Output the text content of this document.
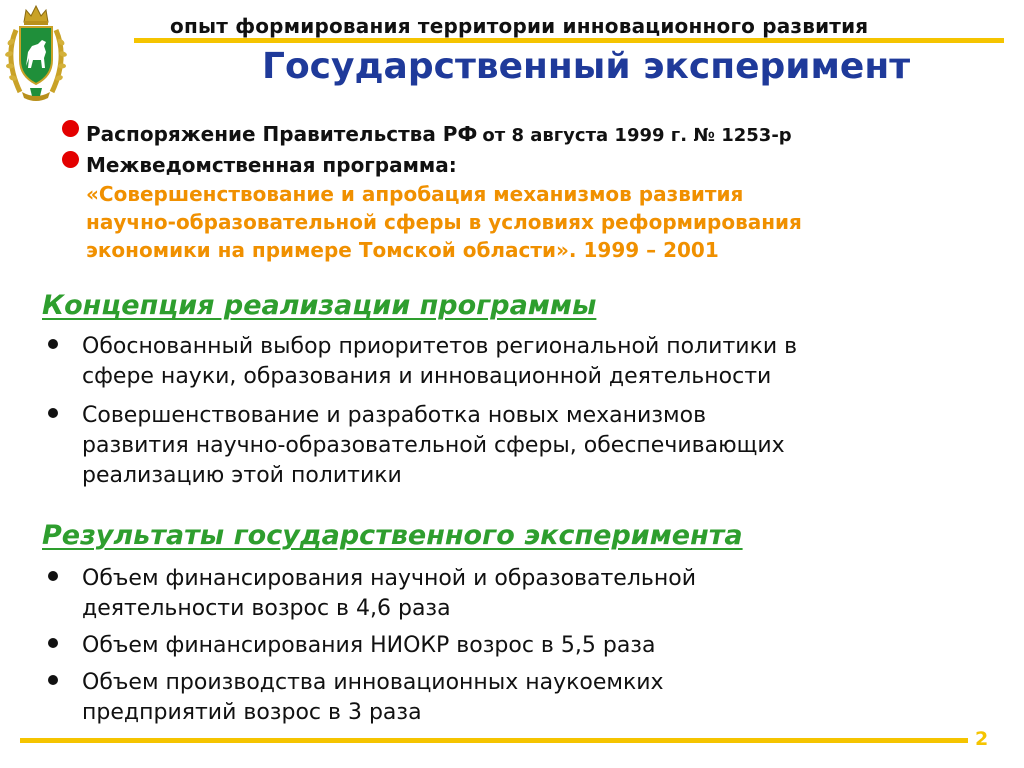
опыт формирования территории инновационного развития
Государственный эксперимент
Распоряжение Правительства РФ от 8 августа 1999 г. № 1253-р
Межведомственная программа:
«Совершенствование и апробация механизмов развития
научно-образовательной сферы в условиях реформирования
экономики на примере Томской области». 1999 – 2001
Концепция реализации программы
Обоснованный выбор приоритетов региональной политики в
сфере науки, образования и инновационной деятельности
Совершенствование и разработка новых механизмов
развития научно-образовательной сферы, обеспечивающих
реализацию этой политики
Результаты государственного эксперимента
Объем финансирования научной и образовательной
деятельности возрос в 4,6 раза
Объем финансирования НИОКР возрос в 5,5 раза
Объем производства инновационных наукоемких
предприятий возрос в 3 раза
2
